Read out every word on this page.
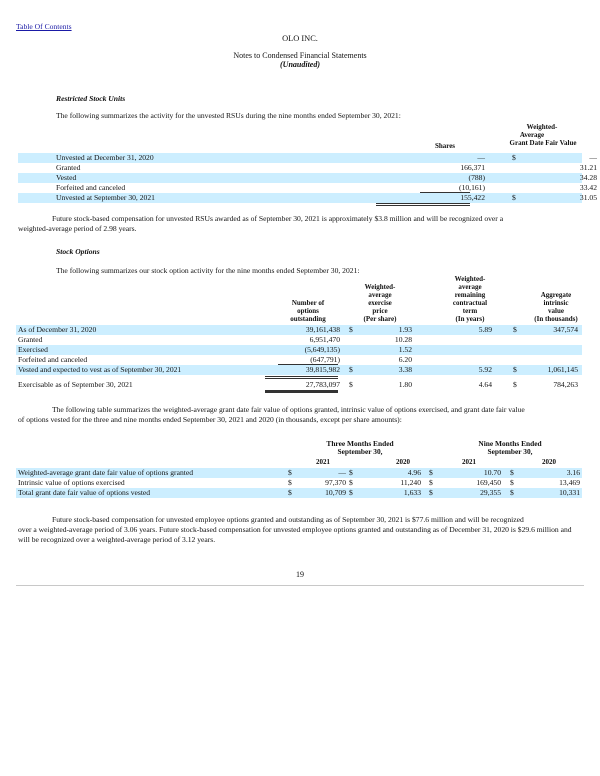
Table Of Contents
OLO INC.
Notes to Condensed Financial Statements
(Unaudited)
Restricted Stock Units
The following summarizes the activity for the unvested RSUs during the nine months ended September 30, 2021:
Shares
Weighted-
Average
Grant Date Fair Value
Unvested at December 31, 2020	—	$	—
Granted	166,371	31.21
Vested	(788)	34.28
Forfeited and canceled	(10,161)	33.42
Unvested at September 30, 2021	155,422	$	31.05
Future stock-based compensation for unvested RSUs awarded as of September 30, 2021 is approximately $3.8 million and will be recognized over a
weighted-average period of 2.98 years.
Stock Options
The following summarizes our stock option activity for the nine months ended September 30, 2021:
Number of
options
outstanding
Weighted-
average
exercise
price
(Per share)
Weighted-
average
remaining
contractual
term
(In years)
Aggregate
intrinsic
value
(In thousands)
As of December 31, 2020	39,161,438 $	1.93	5.89	$	347,574
Granted	6,951,470	10.28
Exercised	(5,649,135)	1.52
Forfeited and canceled	(647,791)	6.20
Vested and expected to vest as of September 30, 2021	39,815,982 $	3.38	5.92	$	1,061,145
Exercisable as of September 30, 2021	27,783,097 $	1.80	4.64	$	784,263
The following table summarizes the weighted-average grant date fair value of options granted, intrinsic value of options exercised, and grant date fair value
of options vested for the three and nine months ended September 30, 2021 and 2020 (in thousands, except per share amounts):
Three Months Ended
September 30,
Nine Months Ended
September 30,
2021	2020	2021	2020
Weighted-average grant date fair value of options granted	$	— $	4.96 $	10.70 $	3.16
Intrinsic value of options exercised	$	97,370 $	11,240 $	169,450 $	13,469
Total grant date fair value of options vested	$	10,709 $	1,633 $	29,355 $	10,331
Future stock-based compensation for unvested employee options granted and outstanding as of September 30, 2021 is $77.6 million and will be recognized
over a weighted-average period of 3.06 years. Future stock-based compensation for unvested employee options granted and outstanding as of December 31, 2020 is $29.6 million and will be recognized over a weighted-average period of 3.12 years.
19
